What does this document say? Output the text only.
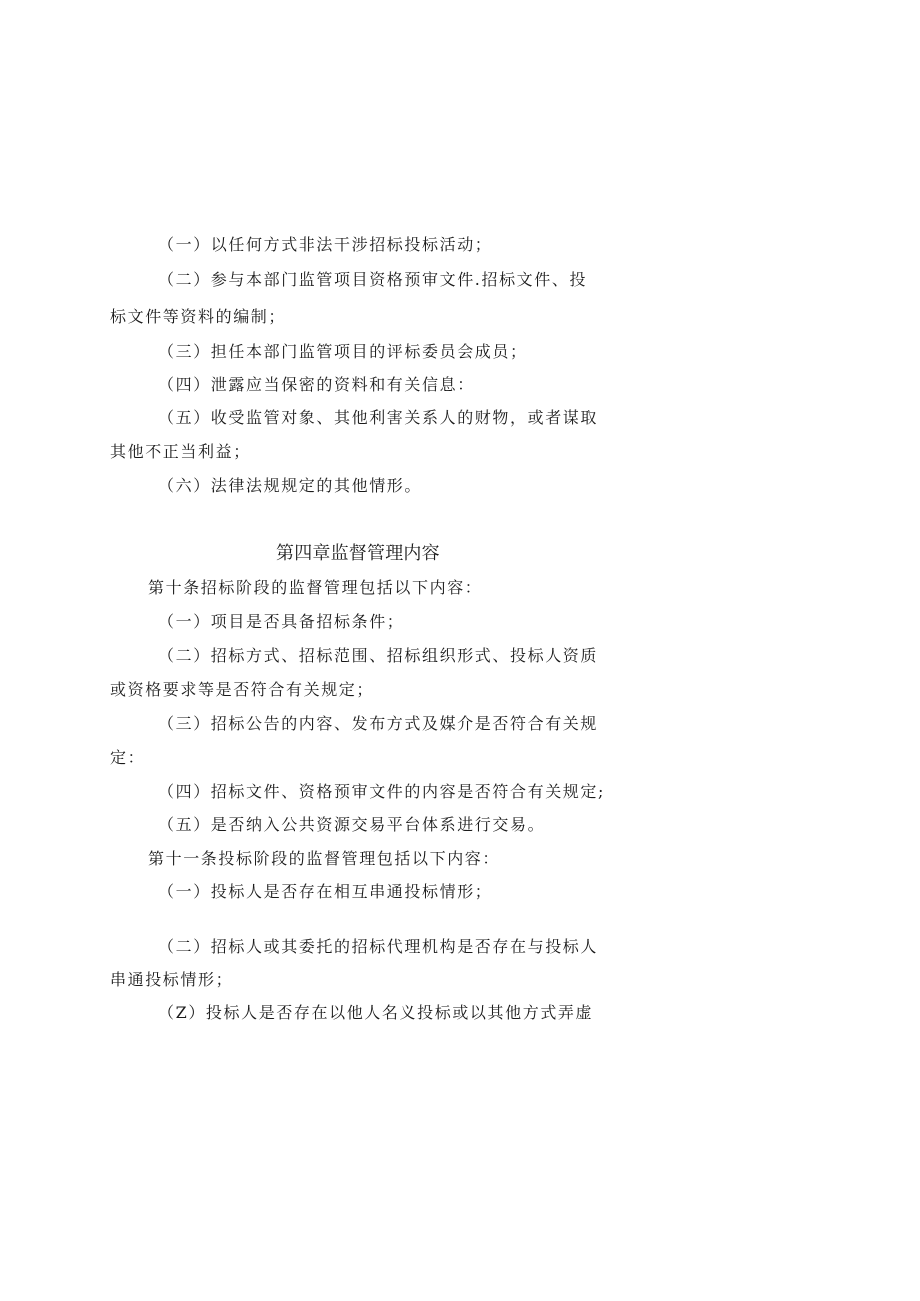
（一）以任何方式非法干涉招标投标活动；
（二）参与本部门监管项目资格预审文件.招标文件、投
标文件等资料的编制；
（三）担任本部门监管项目的评标委员会成员；
（四）泄露应当保密的资料和有关信息：
（五）收受监管对象、其他利害关系人的财物，或者谋取
其他不正当利益；
（六）法律法规规定的其他情形。
第四章监督管理内容
第十条招标阶段的监督管理包括以下内容：
（一）项目是否具备招标条件；
（二）招标方式、招标范围、招标组织形式、投标人资质
或资格要求等是否符合有关规定；
（三）招标公告的内容、发布方式及媒介是否符合有关规
定：
（四）招标文件、资格预审文件的内容是否符合有关规定;
（五）是否纳入公共资源交易平台体系进行交易。
第十一条投标阶段的监督管理包括以下内容：
（一）投标人是否存在相互串通投标情形；
（二）招标人或其委托的招标代理机构是否存在与投标人
串通投标情形；
（Z）投标人是否存在以他人名义投标或以其他方式弄虚
